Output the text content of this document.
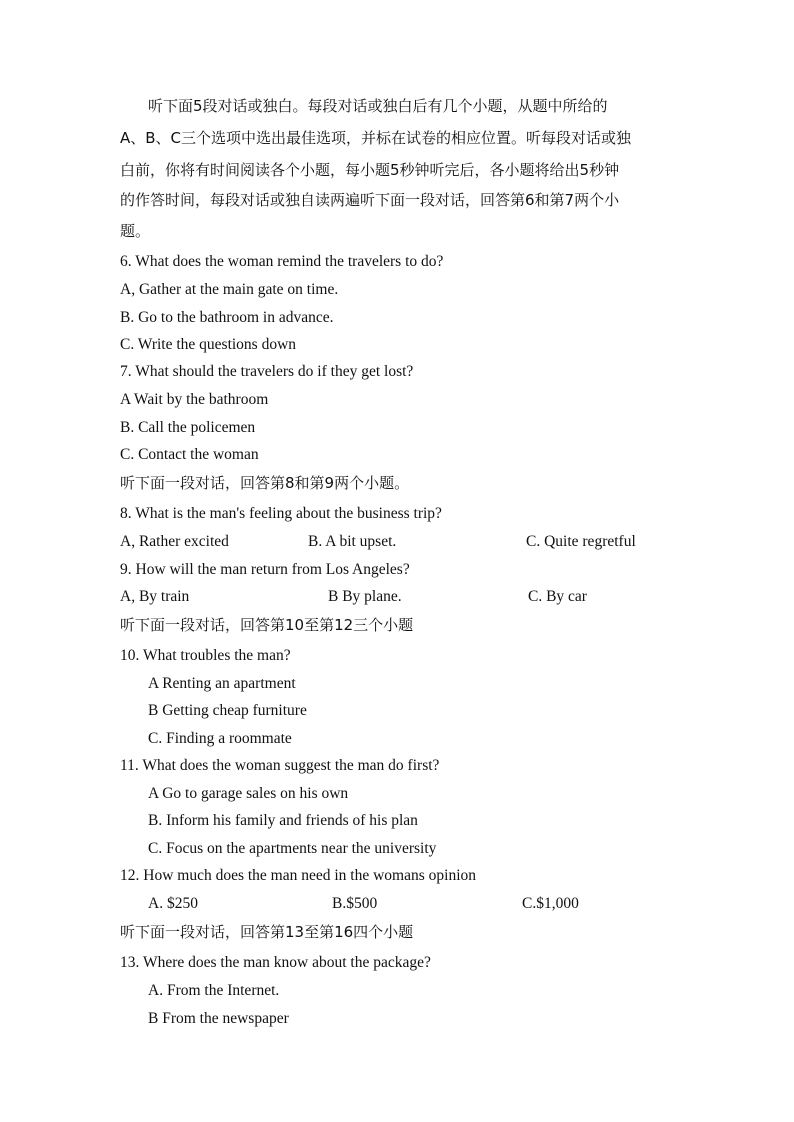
听下面5段对话或独白。每段对话或独白后有几个小题，从题中所给的
A、B、C三个选项中选出最佳选项，并标在试卷的相应位置。听每段对话或独
白前，你将有时间阅读各个小题，每小题5秒钟听完后，各小题将给出5秒钟
的作答时间，每段对话或独自读两遍听下面一段对话，回答第6和第7两个小
题。
6. What does the woman remind the travelers to do?
A, Gather at the main gate on time.
B. Go to the bathroom in advance.
C. Write the questions down
7. What should the travelers do if they get lost?
A Wait by the bathroom
B. Call the policemen
C. Contact the woman
听下面一段对话，回答第8和第9两个小题。
8. What is the man's feeling about the business trip?
A, Rather excited	B. A bit upset.	C. Quite regretful
9. How will the man return from Los Angeles?
A, By train	B By plane.	C. By car
听下面一段对话，回答第10至第12三个小题
10. What troubles the man?
A Renting an apartment
B Getting cheap furniture
C. Finding a roommate
11. What does the woman suggest the man do first?
A Go to garage sales on his own
B. Inform his family and friends of his plan
C. Focus on the apartments near the university
12. How much does the man need in the womans opinion
A. $250	B.$500	C.$1,000
听下面一段对话，回答第13至第16四个小题
13. Where does the man know about the package?
A. From the Internet.
B From the newspaper
